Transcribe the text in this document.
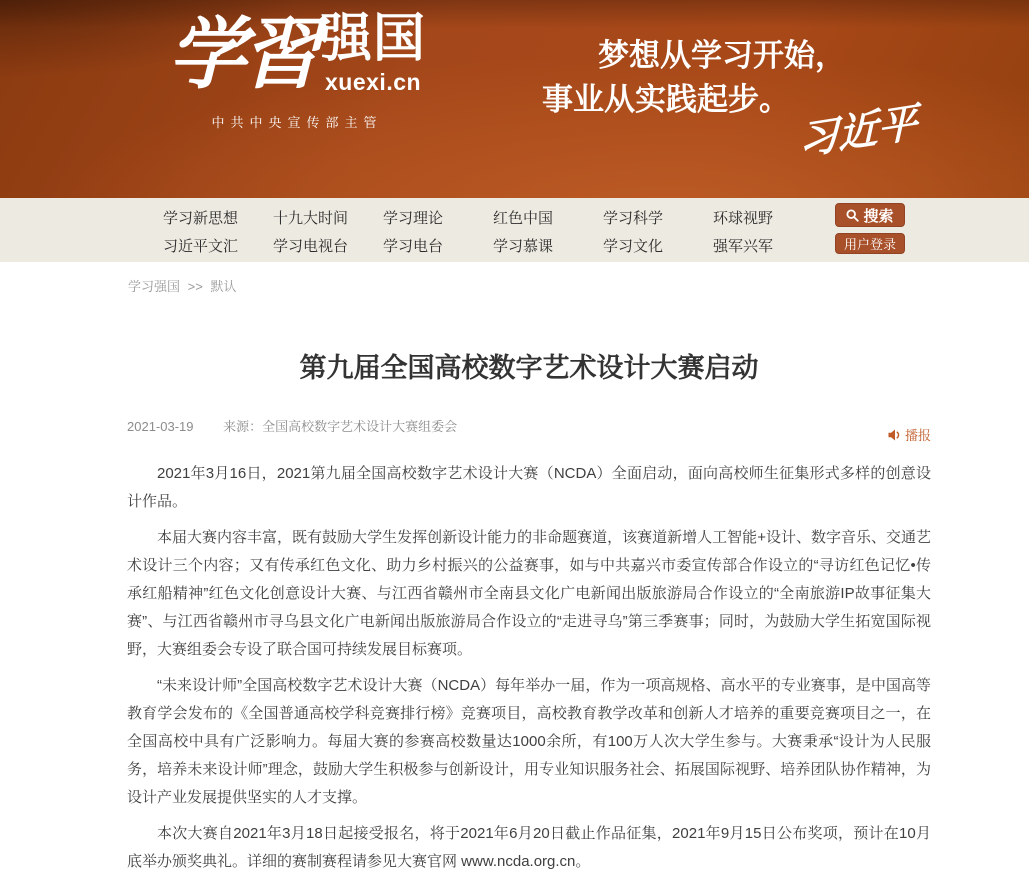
学習 强国
xuexi.cn
中共中央宣传部主管
梦想从学习开始，
事业从实践起步。 习近平
学习新思想	十九大时间	学习理论	红色中国	学习科学	环球视野
习近平文汇	学习电视台	学习电台	学习慕课	学习文化	强军兴军
搜索
用户登录
学习强国 >> 默认
第九届全国高校数字艺术设计大赛启动
2021-03-19 来源：全国高校数字艺术设计大赛组委会
播报

2021年3月16日，2021第九届全国高校数字艺术设计大赛（NCDA）全面启动，面向高校师生征集形式多样的创意设计作品。

本届大赛内容丰富，既有鼓励大学生发挥创新设计能力的非命题赛道，该赛道新增人工智能+设计、数字音乐、交通艺术设计三个内容；又有传承红色文化、助力乡村振兴的公益赛事，如与中共嘉兴市委宣传部合作设立的“寻访红色记忆•传承红船精神”红色文化创意设计大赛、与江西省赣州市全南县文化广电新闻出版旅游局合作设立的“全南旅游IP故事征集大赛”、与江西省赣州市寻乌县文化广电新闻出版旅游局合作设立的“走进寻乌”第三季赛事；同时，为鼓励大学生拓宽国际视野，大赛组委会专设了联合国可持续发展目标赛项。

“未来设计师”全国高校数字艺术设计大赛（NCDA）每年举办一届，作为一项高规格、高水平的专业赛事，是中国高等教育学会发布的《全国普通高校学科竞赛排行榜》竞赛项目，高校教育教学改革和创新人才培养的重要竞赛项目之一，在全国高校中具有广泛影响力。每届大赛的参赛高校数量达1000余所，有100万人次大学生参与。大赛秉承“设计为人民服务，培养未来设计师”理念，鼓励大学生积极参与创新设计，用专业知识服务社会、拓展国际视野、培养团队协作精神，为设计产业发展提供坚实的人才支撑。

本次大赛自2021年3月18日起接受报名，将于2021年6月20日截止作品征集，2021年9月15日公布奖项，预计在10月底举办颁奖典礼。详细的赛制赛程请参见大赛官网 www.ncda.org.cn。
